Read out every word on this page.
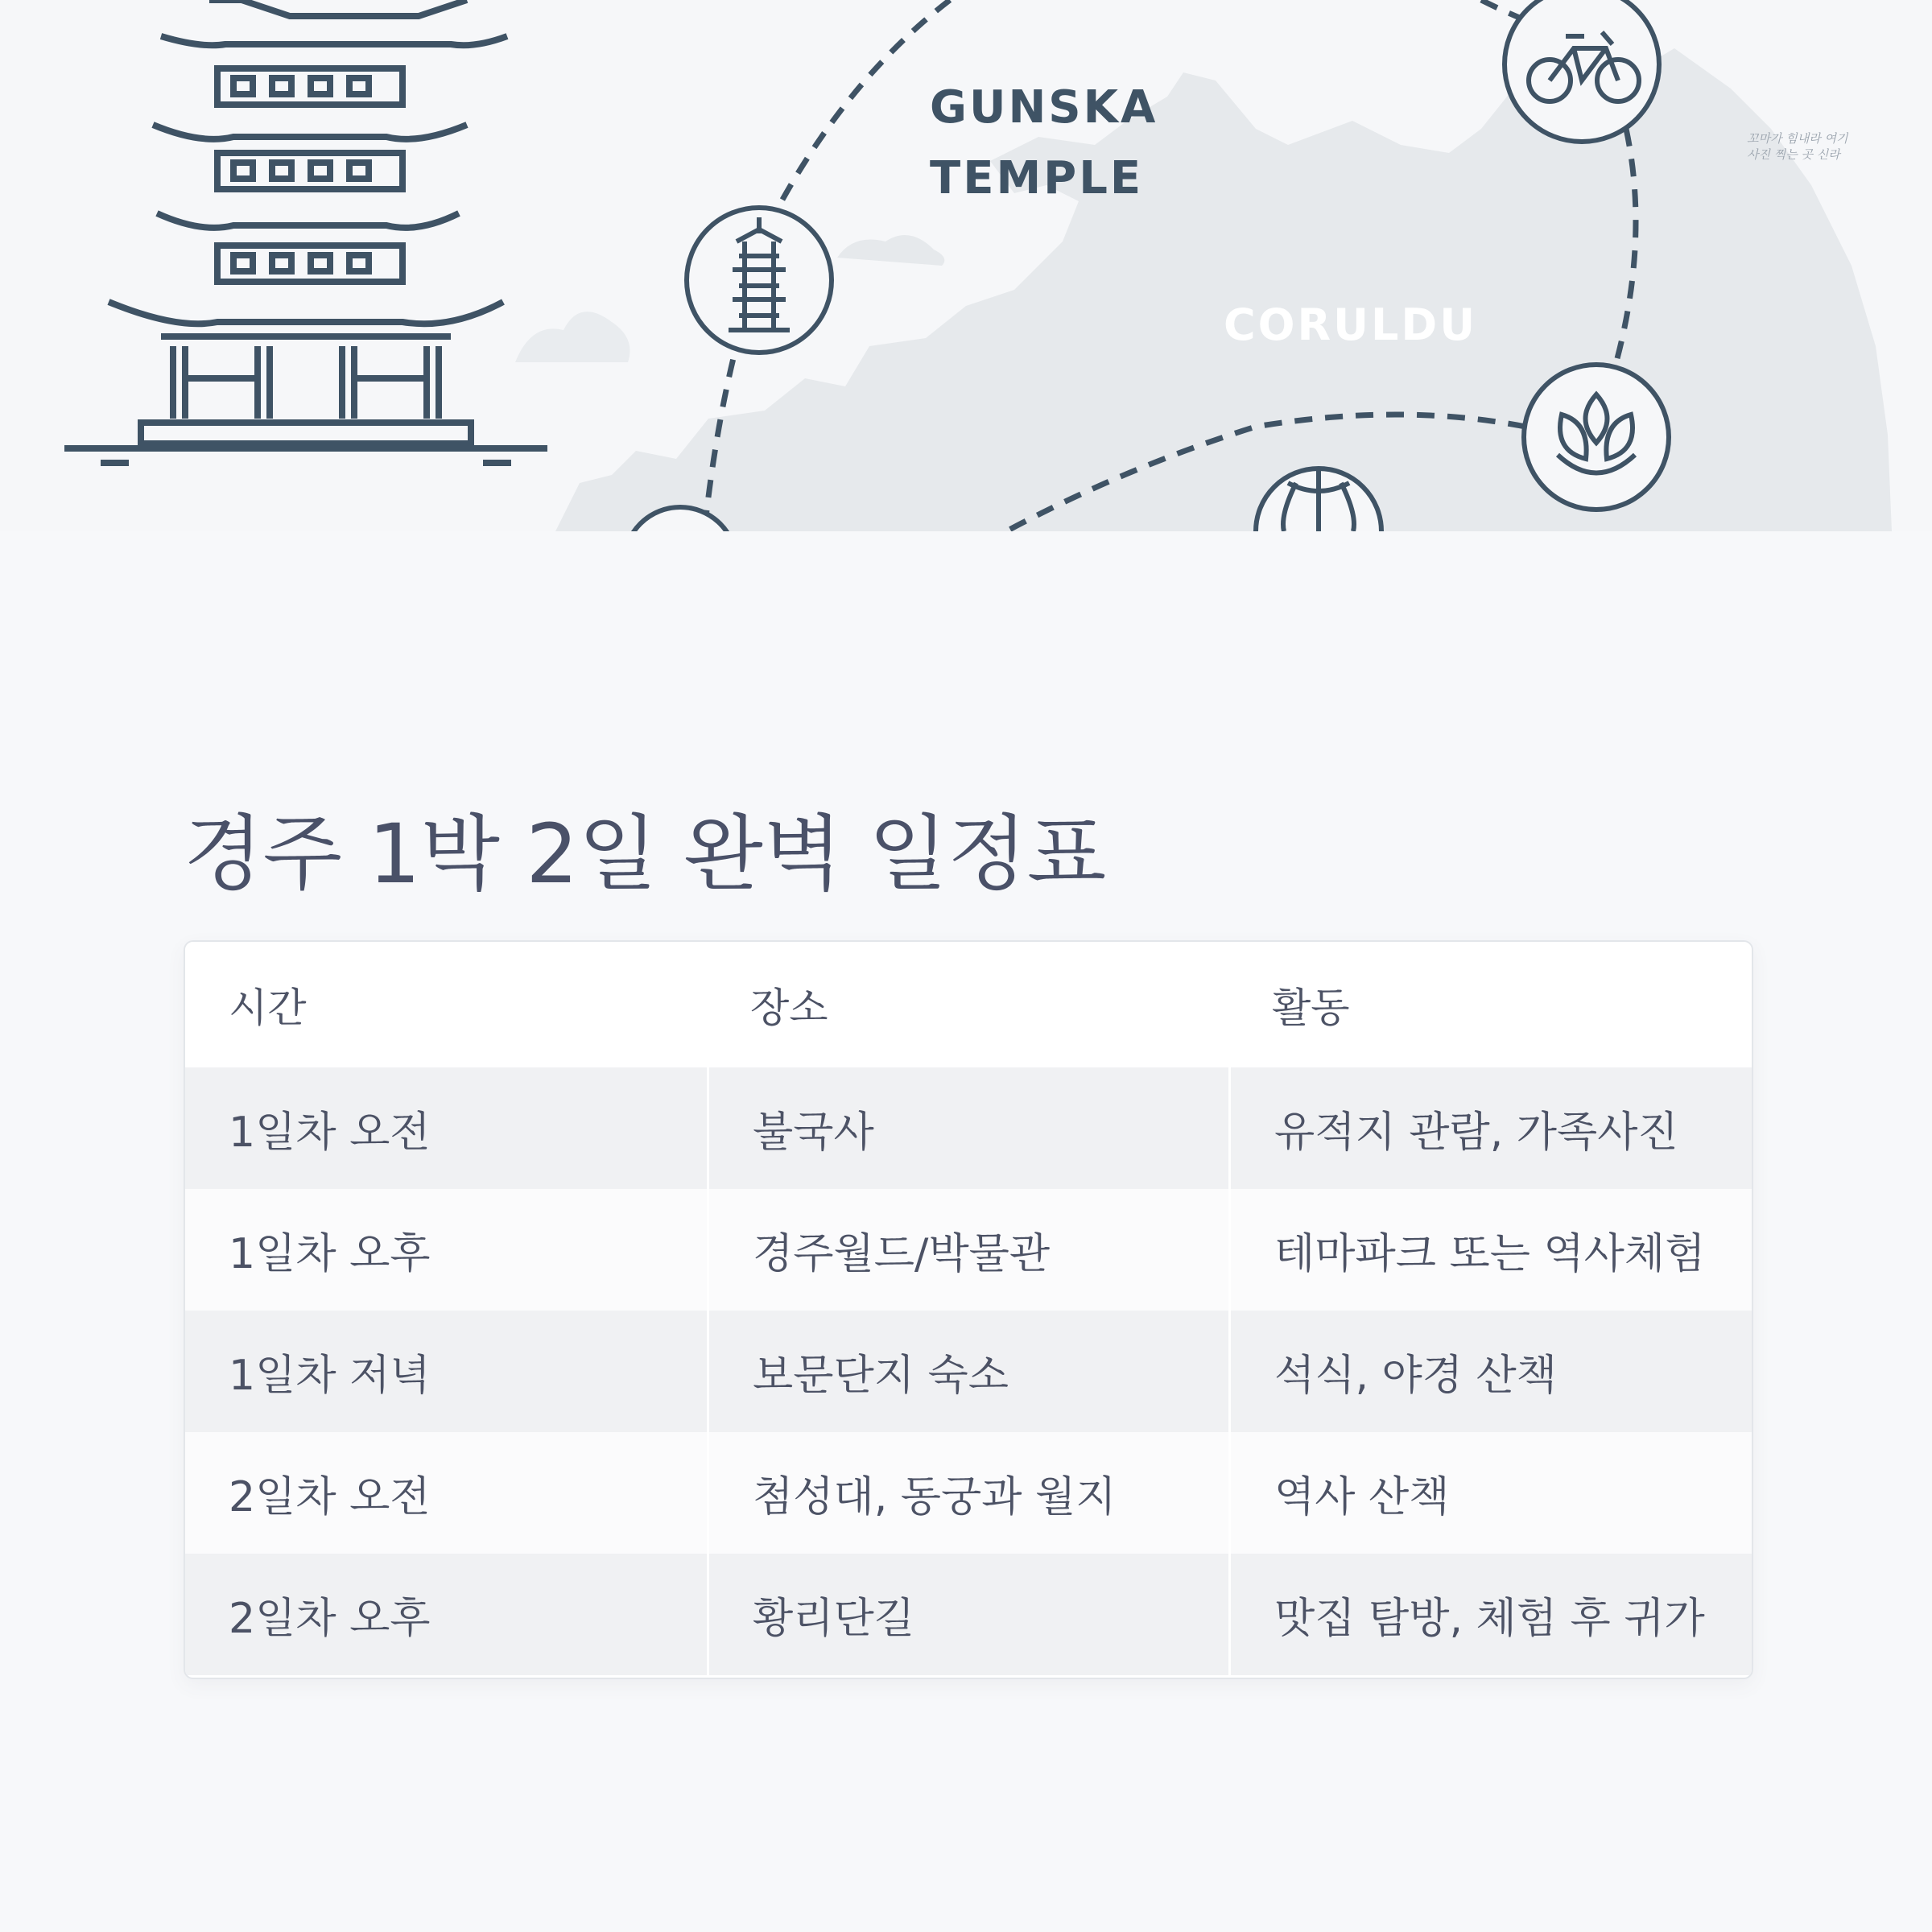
GUNSKA
TEMPLE
CORULDU
꼬마가 힘내라 여기 사진 찍는 곳 신라
경주 1박 2일 완벽 일정표
시간	장소	활동
1일차 오전	불국사	유적지 관람, 가족사진
1일차 오후	경주월드/박물관	테마파크 또는 역사체험
1일차 저녁	보문단지 숙소	석식, 야경 산책
2일차 오전	첨성대, 동궁과 월지	역사 산책
2일차 오후	황리단길	맛집 탐방, 체험 후 귀가
